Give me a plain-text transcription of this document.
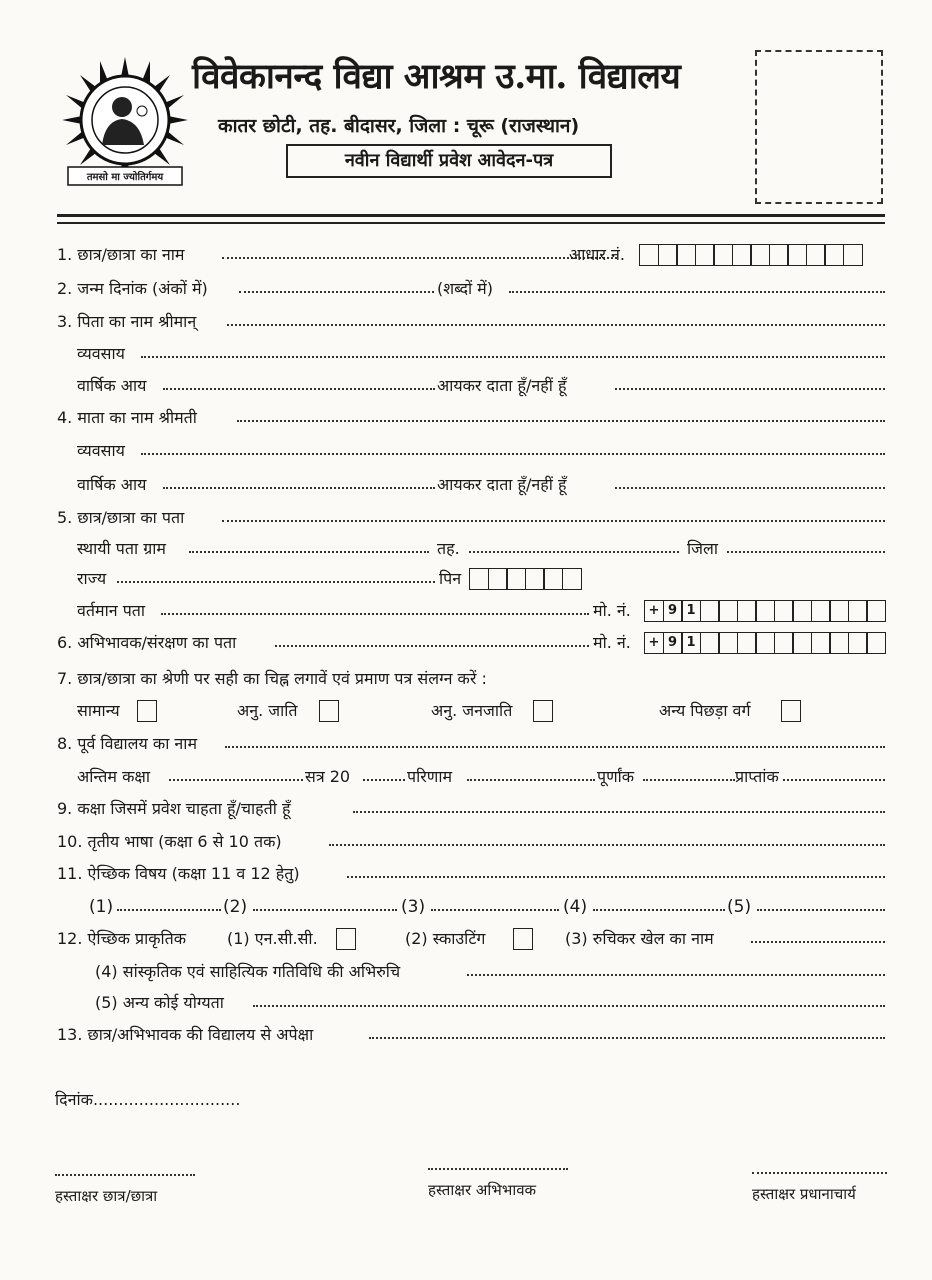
तमसो मा ज्योतिर्गमय
विवेकानन्द विद्या आश्रम उ.मा. विद्यालय
कातर छोटी, तह. बीदासर, जिला : चूरू (राजस्थान)
नवीन विद्यार्थी प्रवेश आवेदन-पत्र
1. छात्र/छात्रा का नाम	आधार नं.
2. जन्म दिनांक (अंकों में)	(शब्दों में)
3. पिता का नाम श्रीमान्
व्यवसाय
वार्षिक आय	आयकर दाता हूँ/नहीं हूँ
4. माता का नाम श्रीमती
व्यवसाय
वार्षिक आय	आयकर दाता हूँ/नहीं हूँ
5. छात्र/छात्रा का पता
स्थायी पता ग्राम	तह.	जिला
राज्य	पिन
वर्तमान पता	मो. नं.	+ 9 1
6. अभिभावक/संरक्षण का पता	मो. नं.	+ 9 1
7. छात्र/छात्रा का श्रेणी पर सही का चिह्न लगावें एवं प्रमाण पत्र संलग्न करें :
सामान्य	अनु. जाति	अनु. जनजाति	अन्य पिछड़ा वर्ग
8. पूर्व विद्यालय का नाम
अन्तिम कक्षा	सत्र 20	परिणाम	पूर्णांक	प्राप्तांक
9. कक्षा जिसमें प्रवेश चाहता हूँ/चाहती हूँ
10. तृतीय भाषा (कक्षा 6 से 10 तक)
11. ऐच्छिक विषय (कक्षा 11 व 12 हेतु)
(1)	(2)	(3)	(4)	(5)
12. ऐच्छिक प्राकृतिक	(1) एन.सी.सी.	(2) स्काउटिंग	(3) रुचिकर खेल का नाम
(4) सांस्कृतिक एवं साहित्यिक गतिविधि की अभिरुचि
(5) अन्य कोई योग्यता
13. छात्र/अभिभावक की विद्यालय से अपेक्षा
दिनांक.............................
हस्ताक्षर छात्र/छात्रा	हस्ताक्षर अभिभावक	हस्ताक्षर प्रधानाचार्य
